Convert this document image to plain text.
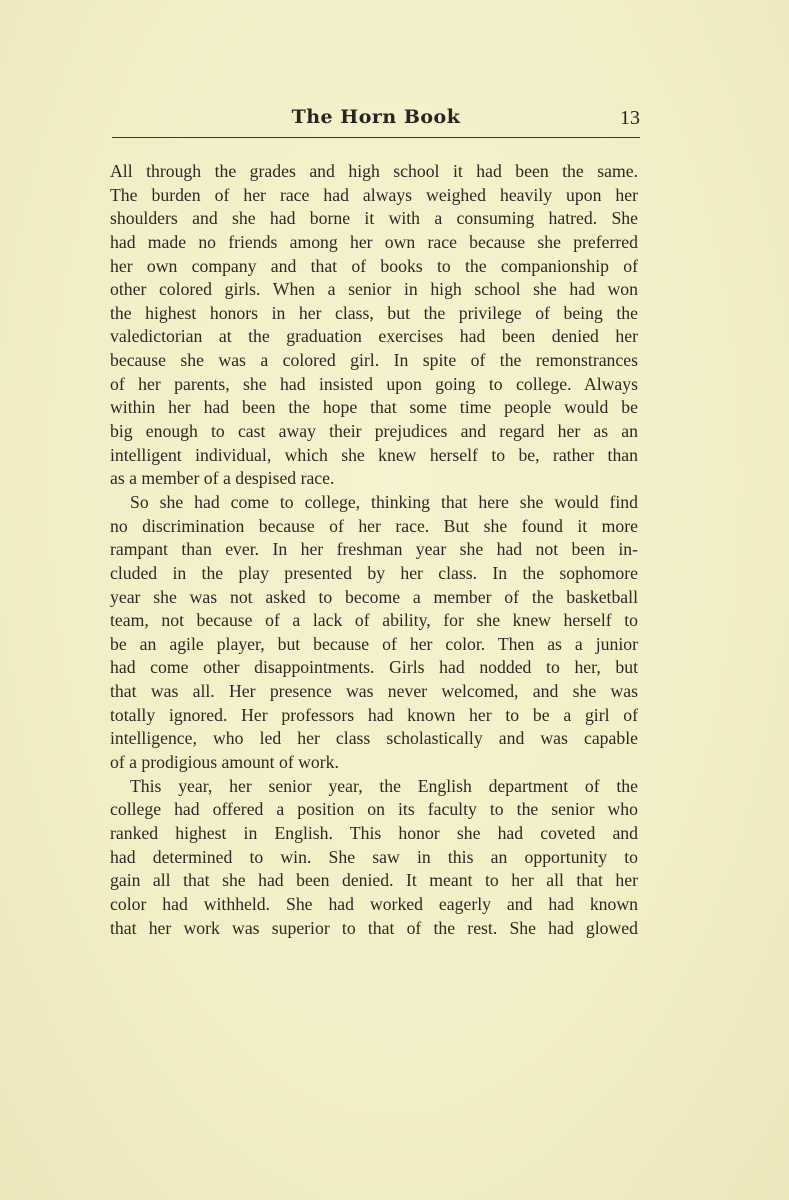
The Horn Book	13
All through the grades and high school it had been the same.
The burden of her race had always weighed heavily upon her
shoulders and she had borne it with a consuming hatred. She
had made no friends among her own race because she preferred
her own company and that of books to the companionship of
other colored girls. When a senior in high school she had won
the highest honors in her class, but the privilege of being the
valedictorian at the graduation exercises had been denied her
because she was a colored girl. In spite of the remonstrances
of her parents, she had insisted upon going to college. Always
within her had been the hope that some time people would be
big enough to cast away their prejudices and regard her as an
intelligent individual, which she knew herself to be, rather than
as a member of a despised race.
So she had come to college, thinking that here she would find
no discrimination because of her race. But she found it more
rampant than ever. In her freshman year she had not been in-
cluded in the play presented by her class. In the sophomore
year she was not asked to become a member of the basketball
team, not because of a lack of ability, for she knew herself to
be an agile player, but because of her color. Then as a junior
had come other disappointments. Girls had nodded to her, but
that was all. Her presence was never welcomed, and she was
totally ignored. Her professors had known her to be a girl of
intelligence, who led her class scholastically and was capable
of a prodigious amount of work.
This year, her senior year, the English department of the
college had offered a position on its faculty to the senior who
ranked highest in English. This honor she had coveted and
had determined to win. She saw in this an opportunity to
gain all that she had been denied. It meant to her all that her
color had withheld. She had worked eagerly and had known
that her work was superior to that of the rest. She had glowed
